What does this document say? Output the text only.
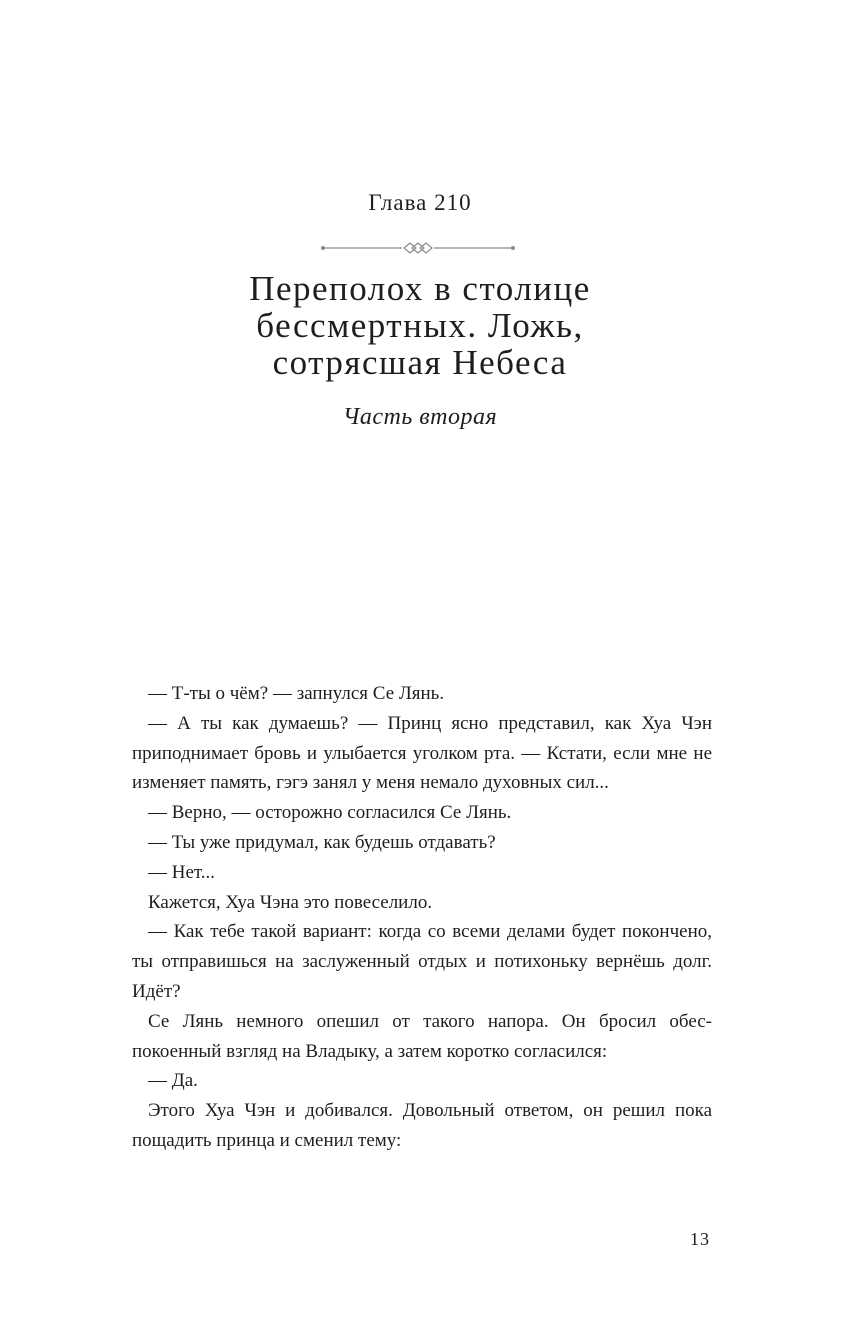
Глава 210
Переполох в столице
бессмертных. Ложь,
сотрясшая Небеса
Часть вторая

— Т-ты о чём? — запнулся Се Лянь.

— А ты как думаешь? — Принц ясно представил, как Хуа Чэн приподнимает бровь и улыбается уголком рта. — Кстати, если мне не изменяет память, гэгэ занял у меня немало духовных сил...

— Верно, — осторожно согласился Се Лянь.

— Ты уже придумал, как будешь отдавать?

— Нет...

Кажется, Хуа Чэна это повеселило.

— Как тебе такой вариант: когда со всеми делами будет покончено, ты отправишься на заслуженный отдых и потихоньку вернёшь долг. Идёт?

Се Лянь немного опешил от такого напора. Он бросил обеспокоенный взгляд на Владыку, а затем коротко согласился:

— Да.

Этого Хуа Чэн и добивался. Довольный ответом, он решил пока пощадить принца и сменил тему:

13
